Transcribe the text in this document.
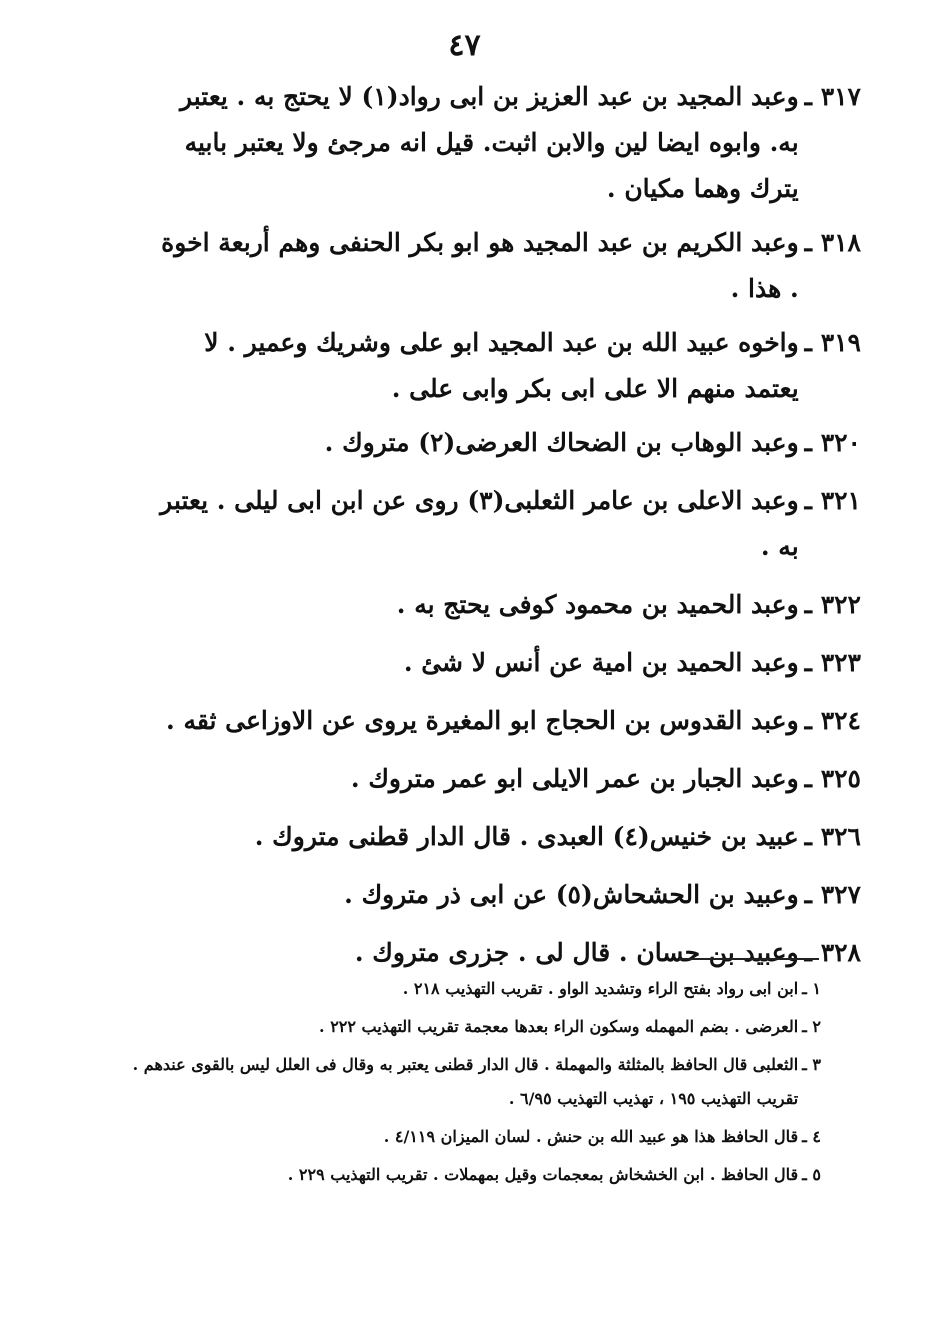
٤٧
٣١٧ ـ
وعبد المجيد بن عبد العزيز بن ابى رواد(١) لا يحتج به . يعتبر به. وابوه ايضا لين والابن اثبت. قيل انه مرجئ ولا يعتبر بابيه يترك وهما مكيان .
٣١٨ ـ
وعبد الكريم بن عبد المجيد هو ابو بكر الحنفى وهم أربعة اخوة . هذا .
٣١٩ ـ
واخوه عبيد الله بن عبد المجيد ابو على وشريك وعمير . لا يعتمد منهم الا على ابى بكر وابى على .
٣٢٠ ـ
وعبد الوهاب بن الضحاك العرضى(٢) متروك .
٣٢١ ـ
وعبد الاعلى بن عامر الثعلبى(٣) روى عن ابن ابى ليلى . يعتبر به .
٣٢٢ ـ
وعبد الحميد بن محمود كوفى يحتج به .
٣٢٣ ـ
وعبد الحميد بن امية عن أنس لا شئ .
٣٢٤ ـ
وعبد القدوس بن الحجاج ابو المغيرة يروى عن الاوزاعى ثقه .
٣٢٥ ـ
وعبد الجبار بن عمر الايلى ابو عمر متروك .
٣٢٦ ـ
عبيد بن خنيس(٤) العبدى . قال الدار قطنى متروك .
٣٢٧ ـ
وعبيد بن الحشحاش(٥) عن ابى ذر متروك .
٣٢٨ ـ
وعبيد بن حسان . قال لى . جزرى متروك .
١ ـ
ابن ابى رواد بفتح الراء وتشديد الواو . تقريب التهذيب ٢١٨ .
٢ ـ
العرضى . بضم المهمله وسكون الراء بعدها معجمة تقريب التهذيب ٢٢٢ .
٣ ـ
الثعلبى قال الحافظ بالمثلثة والمهملة . قال الدار قطنى يعتبر به وقال فى العلل ليس بالقوى عندهم . تقريب التهذيب ١٩٥ ، تهذيب التهذيب ٦/٩٥ .
٤ ـ
قال الحافظ هذا هو عبيد الله بن حنش . لسان الميزان ٤/١١٩ .
٥ ـ
قال الحافظ . ابن الخشخاش بمعجمات وقيل بمهملات . تقريب التهذيب ٢٢٩ .
